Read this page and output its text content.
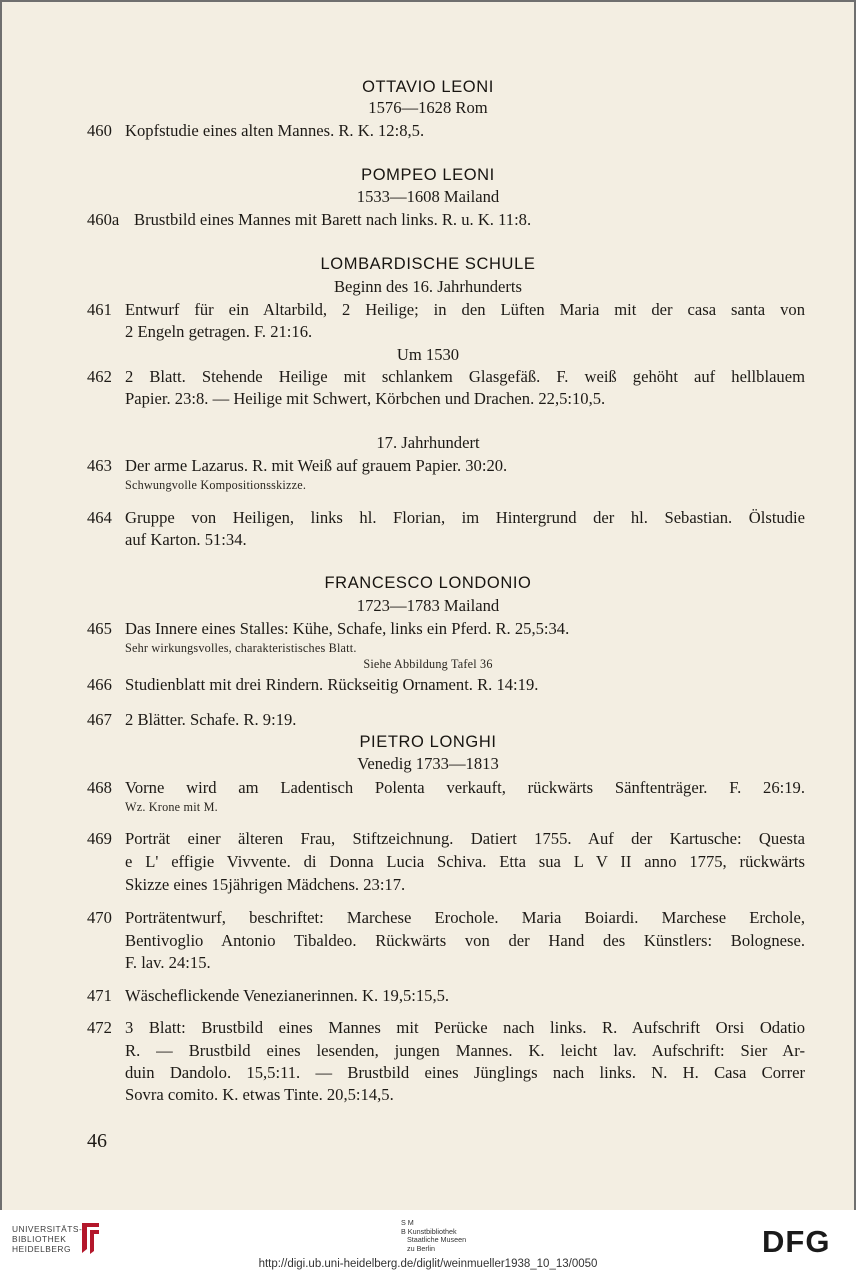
OTTAVIO LEONI
1576—1628 Rom
460 Kopfstudie eines alten Mannes. R. K. 12:8,5.
POMPEO LEONI
1533—1608 Mailand
460a Brustbild eines Mannes mit Barett nach links. R. u. K. 11:8.
LOMBARDISCHE SCHULE
Beginn des 16. Jahrhunderts
461 Entwurf für ein Altarbild, 2 Heilige; in den Lüften Maria mit der casa santa von
2 Engeln getragen. F. 21:16.
Um 1530
462 2 Blatt. Stehende Heilige mit schlankem Glasgefäß. F. weiß gehöht auf hellblauem
Papier. 23:8. — Heilige mit Schwert, Körbchen und Drachen. 22,5:10,5.
17. Jahrhundert
463 Der arme Lazarus. R. mit Weiß auf grauem Papier. 30:20.
Schwungvolle Kompositionsskizze.
464 Gruppe von Heiligen, links hl. Florian, im Hintergrund der hl. Sebastian. Ölstudie
auf Karton. 51:34.
FRANCESCO LONDONIO
1723—1783 Mailand
465 Das Innere eines Stalles: Kühe, Schafe, links ein Pferd. R. 25,5:34.
Sehr wirkungsvolles, charakteristisches Blatt.
Siehe Abbildung Tafel 36
466 Studienblatt mit drei Rindern. Rückseitig Ornament. R. 14:19.
467 2 Blätter. Schafe. R. 9:19.
PIETRO LONGHI
Venedig 1733—1813
468 Vorne wird am Ladentisch Polenta verkauft, rückwärts Sänftenträger. F. 26:19.
Wz. Krone mit M.
469 Porträt einer älteren Frau, Stiftzeichnung. Datiert 1755. Auf der Kartusche: Questa
e L' effigie Vivvente. di Donna Lucia Schiva. Etta sua L V II anno 1775, rückwärts
Skizze eines 15jährigen Mädchens. 23:17.
470 Porträtentwurf, beschriftet: Marchese Erochole. Maria Boiardi. Marchese Erchole,
Bentivoglio Antonio Tibaldeo. Rückwärts von der Hand des Künstlers: Bolognese.
F. lav. 24:15.
471 Wäscheflickende Venezianerinnen. K. 19,5:15,5.
472 3 Blatt: Brustbild eines Mannes mit Perücke nach links. R. Aufschrift Orsi Odatio
R. — Brustbild eines lesenden, jungen Mannes. K. leicht lav. Aufschrift: Sier Ar-
duin Dandolo. 15,5:11. — Brustbild eines Jünglings nach links. N. H. Casa Correr
Sovra comito. K. etwas Tinte. 20,5:14,5.
46
UNIVERSITÄTS-
BIBLIOTHEK
HEIDELBERG
S M
B Kunstbibliothek
Staatliche Museen
zu Berlin	DFG
http://digi.ub.uni-heidelberg.de/diglit/weinmueller1938_10_13/0050
